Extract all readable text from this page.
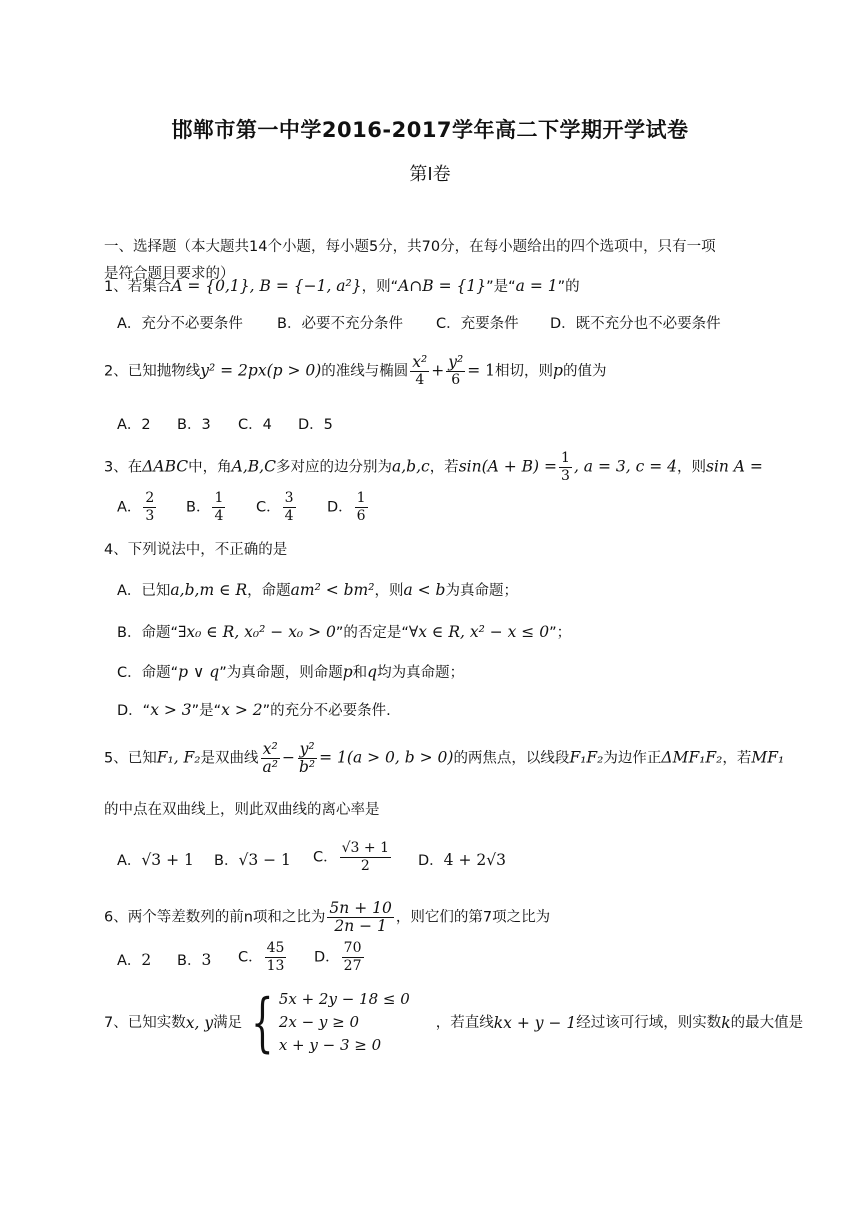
邯郸市第一中学2016-2017学年高二下学期开学试卷
第Ⅰ卷
一、选择题（本大题共14个小题，每小题5分，共70分，在每小题给出的四个选项中，只有一项
是符合题目要求的）
1、若集合A = {0,1}, B = {−1, a²}，则“A∩B = {1}”是“a = 1”的
A．充分不必要条件 B．必要不充分条件 C．充要条件 D．既不充分也不必要条件
2、已知抛物线y² = 2px(p > 0)的准线与椭圆 $\frac{\text{x²}}{4} + \frac{\text{y²}}{6} = 1$相切，则p的值为
A．2 B．3 C．4 D．5
3、在ΔABC中，角A,B,C多对应的边分别为a,b,c，若$\sin(A + B) = \frac{1}{3}$ , a = 3, c = 4，则sin A =
A． $\frac{2}{3}$ B． $\frac{1}{4}$ C． $\frac{3}{4}$ D． $\frac{1}{6}$
4、下列说法中，不正确的是
A．已知a,b,m ∈ R，命题am² < bm²，则a < b为真命题；
B．命题“∃x₀ ∈ R, x₀² − x₀ > 0”的否定是“∀x ∈ R, x² − x ≤ 0”；
C．命题“p ∨ q”为真命题，则命题p和q均为真命题；
D．“x > 3”是“x > 2”的充分不必要条件.
5、已知F₁, F₂是双曲线 $\frac{\text{x²}}{\text{a²}} - \frac{\text{y²}}{\text{b²}} = 1(a > 0$, b > 0)的两焦点，以线段F₁F₂为边作正ΔMF₁F₂，若MF₁
的中点在双曲线上，则此双曲线的离心率是
A．√3 + 1 B．√3 − 1 C． $\frac{√3 + 1}{2}$ D．4 + 2√3
6、两个等差数列的前n项和之比为 $\frac{5n + 10}{2n - 1}$ ，则它们的第7项之比为
A．2 B．3 C． $\frac{45}{13}$ D． $\frac{70}{27}$
7、已知实数 x, y 满足 { 5x + 2y − 18 ≤ 0
2x − y ≥ 0
x + y − 3 ≥ 0
，若直线 kx + y − 1 经过该可行域，则实数 k 的最大值是
